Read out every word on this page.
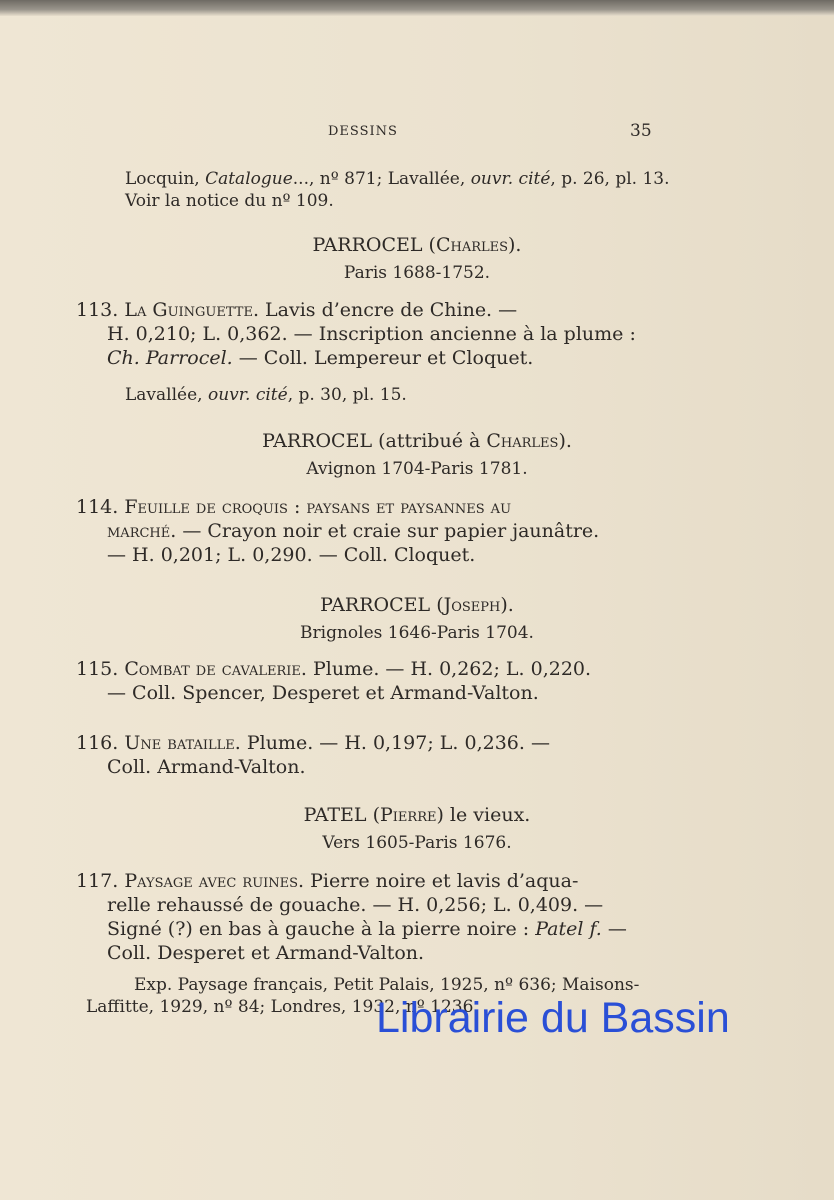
DESSINS	35
Locquin, Catalogue..., nº 871; Lavallée, ouvr. cité, p. 26, pl. 13.
Voir la notice du nº 109.
PARROCEL (Charles).
Paris 1688-1752.
113. La Guinguette. Lavis d’encre de Chine. —
H. 0,210; L. 0,362. — Inscription ancienne à la plume :
Ch. Parrocel. — Coll. Lempereur et Cloquet.
Lavallée, ouvr. cité, p. 30, pl. 15.
PARROCEL (attribué à Charles).
Avignon 1704-Paris 1781.
114. Feuille de croquis : paysans et paysannes au
marché. — Crayon noir et craie sur papier jaunâtre.
— H. 0,201; L. 0,290. — Coll. Cloquet.
PARROCEL (Joseph).
Brignoles 1646-Paris 1704.
115. Combat de cavalerie. Plume. — H. 0,262; L. 0,220.
— Coll. Spencer, Desperet et Armand-Valton.
116. Une bataille. Plume. — H. 0,197; L. 0,236. —
Coll. Armand-Valton.
PATEL (Pierre) le vieux.
Vers 1605-Paris 1676.
117. Paysage avec ruines. Pierre noire et lavis d’aqua-
relle rehaussé de gouache. — H. 0,256; L. 0,409. —
Signé (?) en bas à gauche à la pierre noire : Patel f. —
Coll. Desperet et Armand-Valton.
Exp. Paysage français, Petit Palais, 1925, nº 636; Maisons-
Laffitte, 1929, nº 84; Londres, 1932, nº 1236.
Librairie du Bassin
